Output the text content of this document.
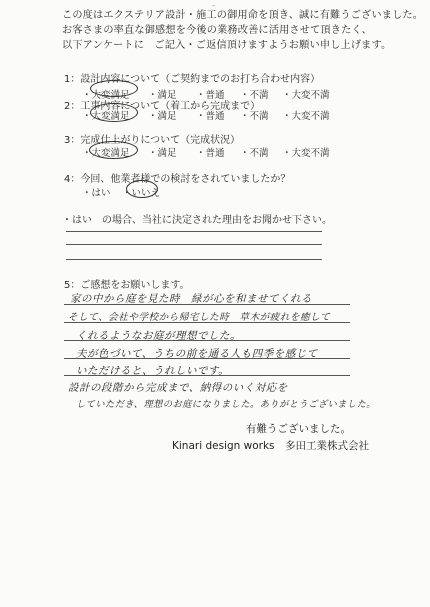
-
この度はエクステリア設計・施工の御用命を頂き、誠に有難うございました。
お客さまの率直な御感想を今後の業務改善に活用させて頂きたく、
以下アンケートに　ご記入・ご返信頂けますようお願い申し上げます。
1：設計内容について（ご契約までのお打ち合わせ内容）
・大変満足 ・満足 ・普通 ・不満 ・大変不満
2：工事内容について（着工から完成まで）
・大変満足 ・満足 ・普通 ・不満 ・大変不満
3：完成仕上がりについて（完成状況）
・大変満足 ・満足 ・普通 ・不満 ・大変不満
4：今回、他業者様での検討をされていましたか？
・はい ・いいえ
・はい　の場合、当社に決定された理由をお聞かせ下さい。
5：ご感想をお願いします。
家の中から庭を見た時　緑が心を和ませてくれる
そして、会社や学校から帰宅した時　草木が疲れを癒して
くれるようなお庭が理想でした。
夫が色づいて、うちの前を通る人も四季を感じて
いただけると、うれしいです。
設計の段階から完成まで、納得のいく対応を
していただき、理想のお庭になりました。ありがとうございました。
有難うございました。
Kinari design works　多田工業株式会社
